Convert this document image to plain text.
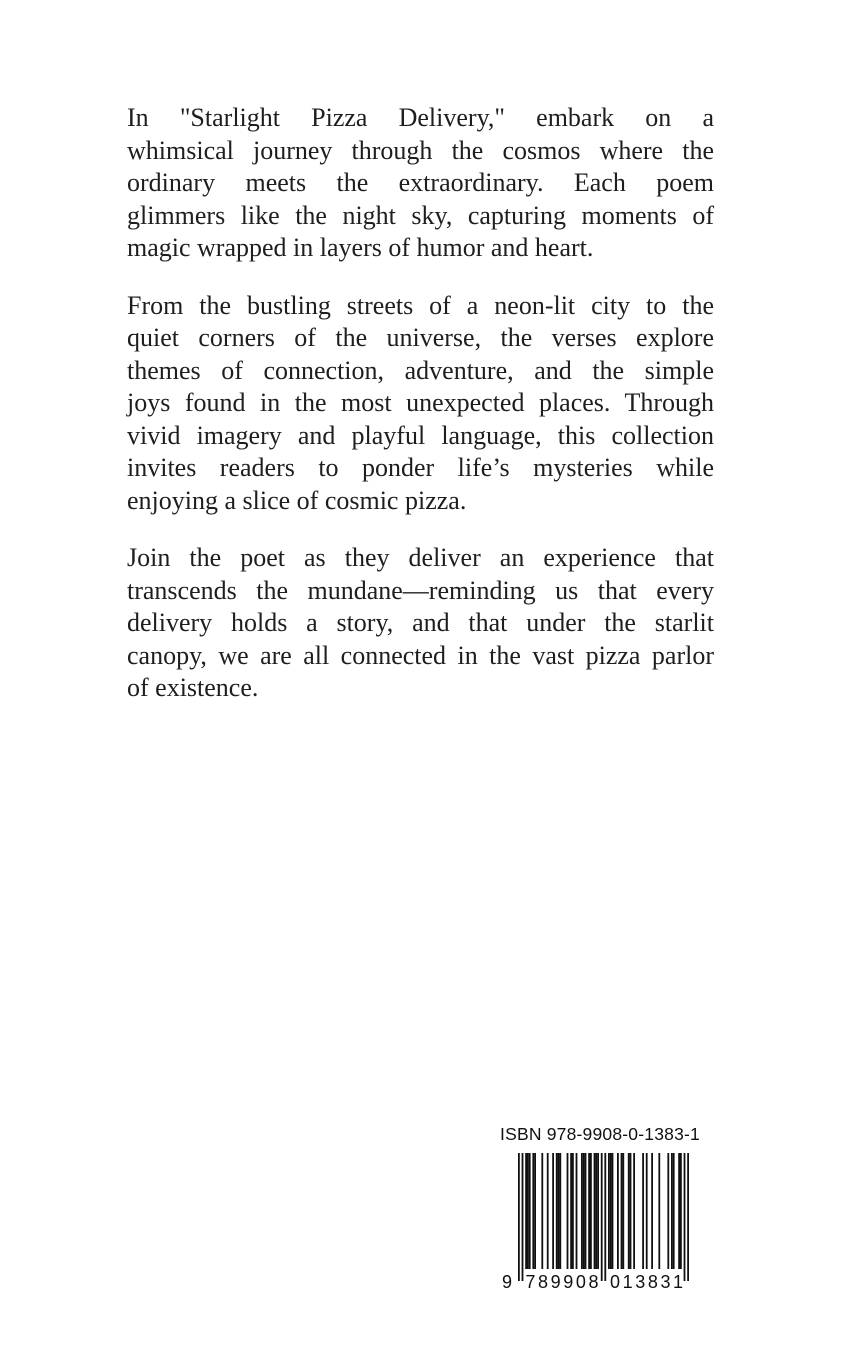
In "Starlight Pizza Delivery," embark on a
whimsical journey through the cosmos where the
ordinary meets the extraordinary. Each poem
glimmers like the night sky, capturing moments of
magic wrapped in layers of humor and heart.
From the bustling streets of a neon-lit city to the
quiet corners of the universe, the verses explore
themes of connection, adventure, and the simple
joys found in the most unexpected places. Through
vivid imagery and playful language, this collection
invites readers to ponder life’s mysteries while
enjoying a slice of cosmic pizza.
Join the poet as they deliver an experience that
transcends the mundane—reminding us that every
delivery holds a story, and that under the starlit
canopy, we are all connected in the vast pizza parlor
of existence.
ISBN 978-9908-0-1383-1
9 789908 013831
